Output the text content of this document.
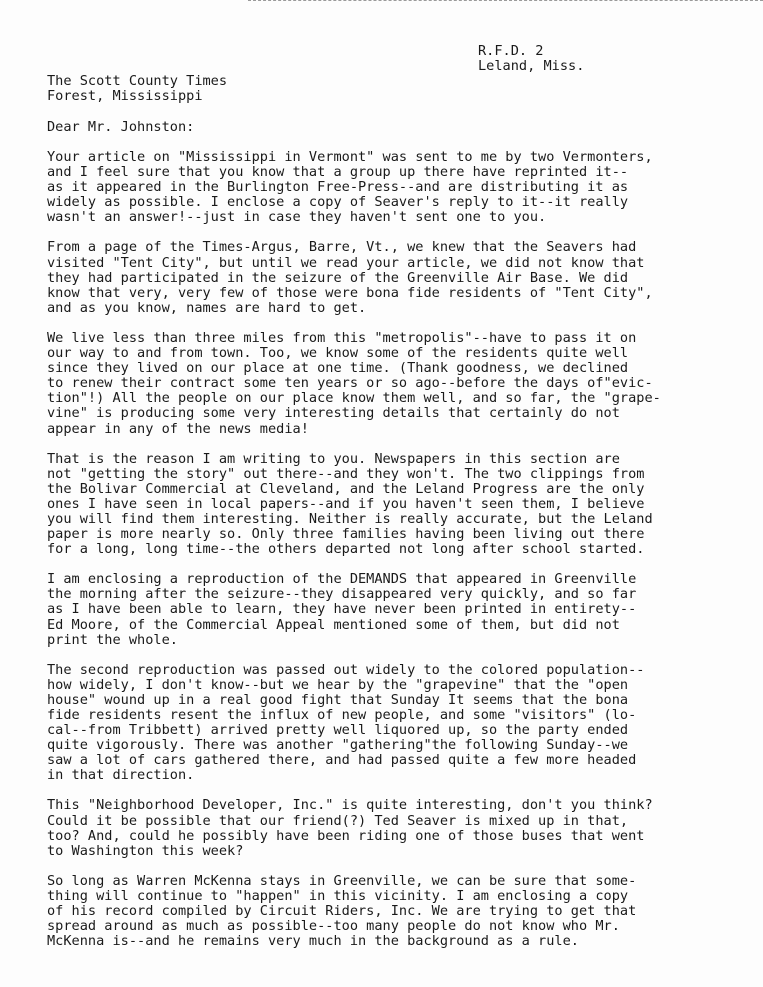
R.F.D. 2
Leland, Miss.
The Scott County Times
Forest, Mississippi
Dear Mr. Johnston:
Your article on "Mississippi in Vermont" was sent to me by two Vermonters,
and I feel sure that you know that a group up there have reprinted it--
as it appeared in the Burlington Free-Press--and are distributing it as
widely as possible. I enclose a copy of Seaver's reply to it--it really
wasn't an answer!--just in case they haven't sent one to you.
From a page of the Times-Argus, Barre, Vt., we knew that the Seavers had
visited "Tent City", but until we read your article, we did not know that
they had participated in the seizure of the Greenville Air Base. We did
know that very, very few of those were bona fide residents of "Tent City",
and as you know, names are hard to get.
We live less than three miles from this "metropolis"--have to pass it on
our way to and from town. Too, we know some of the residents quite well
since they lived on our place at one time. (Thank goodness, we declined
to renew their contract some ten years or so ago--before the days of"evic-
tion"!) All the people on our place know them well, and so far, the "grape-
vine" is producing some very interesting details that certainly do not
appear in any of the news media!
That is the reason I am writing to you. Newspapers in this section are
not "getting the story" out there--and they won't. The two clippings from
the Bolivar Commercial at Cleveland, and the Leland Progress are the only
ones I have seen in local papers--and if you haven't seen them, I believe
you will find them interesting. Neither is really accurate, but the Leland
paper is more nearly so. Only three families having been living out there
for a long, long time--the others departed not long after school started.
I am enclosing a reproduction of the DEMANDS that appeared in Greenville
the morning after the seizure--they disappeared very quickly, and so far
as I have been able to learn, they have never been printed in entirety--
Ed Moore, of the Commercial Appeal mentioned some of them, but did not
print the whole.
The second reproduction was passed out widely to the colored population--
how widely, I don't know--but we hear by the "grapevine" that the "open
house" wound up in a real good fight that Sunday It seems that the bona
fide residents resent the influx of new people, and some "visitors" (lo-
cal--from Tribbett) arrived pretty well liquored up, so the party ended
quite vigorously. There was another "gathering"the following Sunday--we
saw a lot of cars gathered there, and had passed quite a few more headed
in that direction.
This "Neighborhood Developer, Inc." is quite interesting, don't you think?
Could it be possible that our friend(?) Ted Seaver is mixed up in that,
too? And, could he possibly have been riding one of those buses that went
to Washington this week?
So long as Warren McKenna stays in Greenville, we can be sure that some-
thing will continue to "happen" in this vicinity. I am enclosing a copy
of his record compiled by Circuit Riders, Inc. We are trying to get that
spread around as much as possible--too many people do not know who Mr.
McKenna is--and he remains very much in the background as a rule.
